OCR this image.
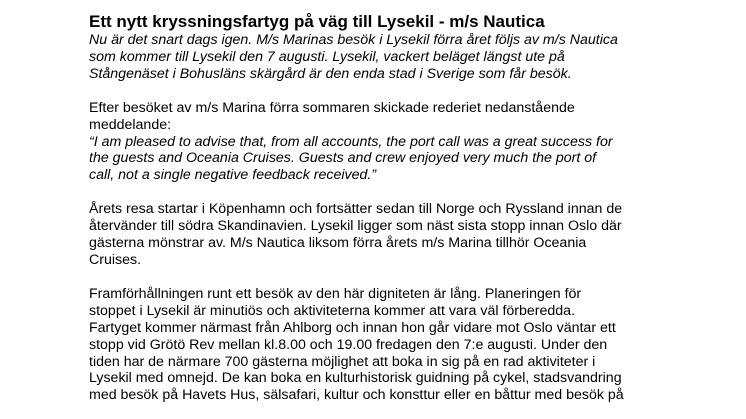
Ett nytt kryssningsfartyg på väg till Lysekil - m/s Nautica
Nu är det snart dags igen. M/s Marinas besök i Lysekil förra året följs av m/s Nautica
som kommer till Lysekil den 7 augusti. Lysekil, vackert beläget längst ute på
Stångenäset i Bohusläns skärgård är den enda stad i Sverige som får besök.
Efter besöket av m/s Marina förra sommaren skickade rederiet nedanstående
meddelande:
“I am pleased to advise that, from all accounts, the port call was a great success for
the guests and Oceania Cruises. Guests and crew enjoyed very much the port of
call, not a single negative feedback received.”
Årets resa startar i Köpenhamn och fortsätter sedan till Norge och Ryssland innan de
återvänder till södra Skandinavien. Lysekil ligger som näst sista stopp innan Oslo där
gästerna mönstrar av. M/s Nautica liksom förra årets m/s Marina tillhör Oceania
Cruises.
Framförhållningen runt ett besök av den här digniteten är lång. Planeringen för
stoppet i Lysekil är minutiös och aktiviteterna kommer att vara väl förberedda.
Fartyget kommer närmast från Ahlborg och innan hon går vidare mot Oslo väntar ett
stopp vid Grötö Rev mellan kl.8.00 och 19.00 fredagen den 7:e augusti. Under den
tiden har de närmare 700 gästerna möjlighet att boka in sig på en rad aktiviteter i
Lysekil med omnejd. De kan boka en kulturhistorisk guidning på cykel, stadsvandring
med besök på Havets Hus, sälsafari, kultur och konsttur eller en båttur med besök på
